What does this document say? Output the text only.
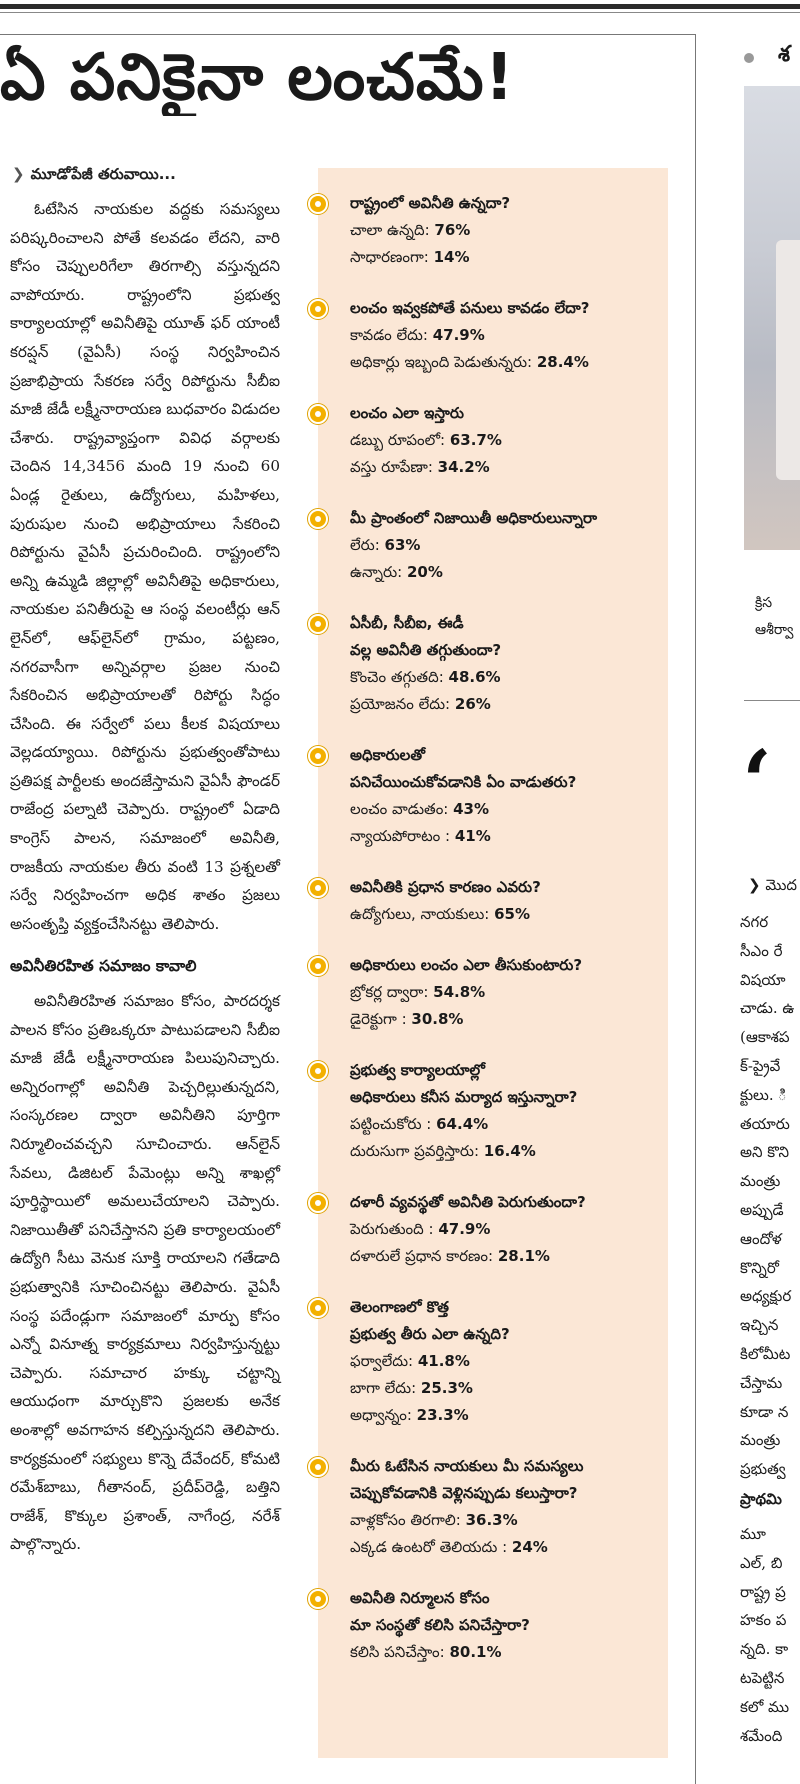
ఏ పనికైనా లంచమే!
❯ మూడోపేజీ తరువాయి...

ఓటేసిన నాయకుల వద్దకు సమస్యలు పరిష్కరించాలని పోతే కలవడం లేదని, వారి కోసం చెప్పులరిగేలా తిరగాల్సి వస్తున్నదని వాపోయారు. రాష్ట్రంలోని ప్రభుత్వ కార్యాలయాల్లో అవినీతిపై యూత్ ఫర్ యాంటీ కరప్షన్ (వైఏసీ) సంస్థ నిర్వహించిన ప్రజాభిప్రాయ సేకరణ సర్వే రిపోర్టును సీబీఐ మాజీ జేడీ లక్ష్మీనారాయణ బుధవారం విడుదల చేశారు. రాష్ట్రవ్యాప్తంగా వివిధ వర్గాలకు చెందిన 14,3456 మంది 19 నుంచి 60 ఏండ్ల రైతులు, ఉద్యోగులు, మహిళలు, పురుషుల నుంచి అభిప్రాయాలు సేకరించి రిపోర్టును వైఏసీ ప్రచురించింది. రాష్ట్రంలోని అన్ని ఉమ్మడి జిల్లాల్లో అవినీతిపై అధికారులు, నాయకుల పనితీరుపై ఆ సంస్థ వలంటీర్లు ఆన్ లైన్‌లో, ఆఫ్‌లైన్‌లో గ్రామం, పట్టణం, నగరవాసీగా అన్నివర్గాల ప్రజల నుంచి సేకరించిన అభిప్రాయాలతో రిపోర్టు సిద్ధం చేసింది. ఈ సర్వేలో పలు కీలక విషయాలు వెల్లడయ్యాయి. రిపోర్టును ప్రభుత్వంతోపాటు ప్రతిపక్ష పార్టీలకు అందజేస్తామని వైఏసీ ఫౌండర్ రాజేంద్ర పల్నాటి చెప్పారు. రాష్ట్రంలో ఏడాది కాంగ్రెస్ పాలన, సమాజంలో అవినీతి, రాజకీయ నాయకుల తీరు వంటి 13 ప్రశ్నలతో సర్వే నిర్వహించగా అధిక శాతం ప్రజలు అసంతృప్తి వ్యక్తంచేసినట్టు తెలిపారు.

అవినీతిరహిత సమాజం కావాలి

అవినీతిరహిత సమాజం కోసం, పారదర్శక పాలన కోసం ప్రతిఒక్కరూ పాటుపడాలని సీబీఐ మాజీ జేడీ లక్ష్మీనారాయణ పిలుపునిచ్చారు. అన్నిరంగాల్లో అవినీతి పెచ్చరిల్లుతున్నదని, సంస్కరణల ద్వారా అవినీతిని పూర్తిగా నిర్మూలించవచ్చని సూచించారు. ఆన్‌లైన్ సేవలు, డిజిటల్ పేమెంట్లు అన్ని శాఖల్లో పూర్తిస్థాయిలో అమలుచేయాలని చెప్పారు. నిజాయితీతో పనిచేస్తానని ప్రతి కార్యాలయంలో ఉద్యోగి సీటు వెనుక సూక్తి రాయాలని గతేడాది ప్రభుత్వానికి సూచించినట్టు తెలిపారు. వైఏసీ సంస్థ పదేండ్లుగా సమాజంలో మార్పు కోసం ఎన్నో వినూత్న కార్యక్రమాలు నిర్వహిస్తున్నట్టు చెప్పారు. సమాచార హక్కు చట్టాన్ని ఆయుధంగా మార్చుకొని ప్రజలకు అనేక అంశాల్లో అవగాహన కల్పిస్తున్నదని తెలిపారు. కార్యక్రమంలో సభ్యులు కొన్నె దేవేందర్, కోమటి రమేశ్‌బాబు, గీతానంద్, ప్రదీప్‌రెడ్డి, బత్తిని రాజేశ్, కొక్కుల ప్రశాంత్, నాగేంద్ర, నరేశ్ పాల్గొన్నారు.

రాష్ట్రంలో అవినీతి ఉన్నదా?
చాలా ఉన్నది: 76%
సాధారణంగా: 14%
లంచం ఇవ్వకపోతే పనులు కావడం లేదా?
కావడం లేదు: 47.9%
అధికార్లు ఇబ్బంది పెడుతున్నరు: 28.4%
లంచం ఎలా ఇస్తారు
డబ్బు రూపంలో: 63.7%
వస్తు రూపేణా: 34.2%
మీ ప్రాంతంలో నిజాయితీ అధికారులున్నారా
లేరు: 63%
ఉన్నారు: 20%
ఏసీబీ, సీబీఐ, ఈడీ
వల్ల అవినీతి తగ్గుతుందా?
కొంచెం తగ్గుతది: 48.6%
ప్రయోజనం లేదు: 26%
అధికారులతో
పనిచేయించుకోవడానికి ఏం వాడుతరు?
లంచం వాడుతం: 43%
న్యాయపోరాటం : 41%
అవినీతికి ప్రధాన కారణం ఎవరు?
ఉద్యోగులు, నాయకులు: 65%
అధికారులు లంచం ఎలా తీసుకుంటారు?
బ్రోకర్ల ద్వారా: 54.8%
డైరెక్టుగా : 30.8%
ప్రభుత్వ కార్యాలయాల్లో
అధికారులు కనీస మర్యాద ఇస్తున్నారా?
పట్టించుకోరు : 64.4%
దురుసుగా ప్రవర్తిస్తారు: 16.4%
దళారీ వ్యవస్థతో అవినీతి పెరుగుతుందా?
పెరుగుతుంది : 47.9%
దళారులే ప్రధాన కారణం: 28.1%
తెలంగాణలో కొత్త
ప్రభుత్వ తీరు ఎలా ఉన్నది?
ఫర్వాలేదు: 41.8%
బాగా లేదు: 25.3%
అధ్వాన్నం: 23.3%
మీరు ఓటేసిన నాయకులు మీ సమస్యలు
చెప్పుకోవడానికి వెళ్లినప్పుడు కలుస్తారా?
వాళ్లకోసం తిరగాలి: 36.3%
ఎక్కడ ఉంటరో తెలియదు : 24%
అవినీతి నిర్మూలన కోసం
మా సంస్థతో కలిసి పనిచేస్తారా?
కలిసి పనిచేస్తాం: 80.1%
శ
క్రిస
ఆశీర్వా
‘
❯ మొద
నగర
సీఎం రే
విషయా
చాడు. ఉ
(ఆకాశప
క్-ప్రైవే
క్టులు. ి
తయారు
అని కొని
మంత్రు
అప్పుడే
ఆందోళ
కొన్నిరో
అధ్యక్షుర
ఇచ్చిన
కిలోమీట
చేస్తామ
కూడా న
మంత్రు
ప్రభుత్వ
ప్రాథమి
మూ
ఎల్, బి
రాష్ట్ర ప్ర
హకం ప
న్నది. కా
టపెట్టిన
కలో ము
శమేంది
